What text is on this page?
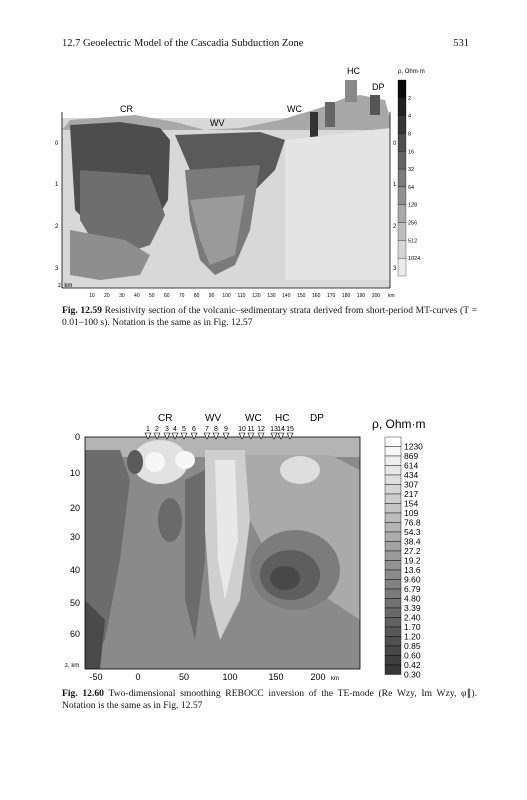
12.7 Geoelectric Model of the Cascadia Subduction Zone	531
ρ, Ohm·m
2
4
8
16
32
64
128
256
512
1024
CR
WV
WC
HC
DP
0	0
1	1
2	2
3	3
z, km
10 20 30 40 50 60 70 80 90 100 110 120 130 140 150 160 170 180 190 200 km
Fig. 12.59 Resistivity section of the volcanic–sedimentary strata derived from short-period MT-curves (T = 0.01–100 s). Notation is the same as in Fig. 12.57
ρ, Ohm·m
1230
869
614
434
307
217
154
109
76.8
54.3
38.4
27.2
19.2
13.6
9.60
6.79
4.80
3.39
2.40
1.70
1.20
0.85
0.60
0.42
0.30
CR	WV WC HC DP
1 2 3 4 5 6 7 8 9 10 11 12 13 14 15
0
10
20
30
40
50
60
z, km
-50	0	50	100	150	200 km
Fig. 12.60 Two-dimensional smoothing REBOCC inversion of the TE-mode (Re Wzy, Im Wzy, φ∥). Notation is the same as in Fig. 12.57
